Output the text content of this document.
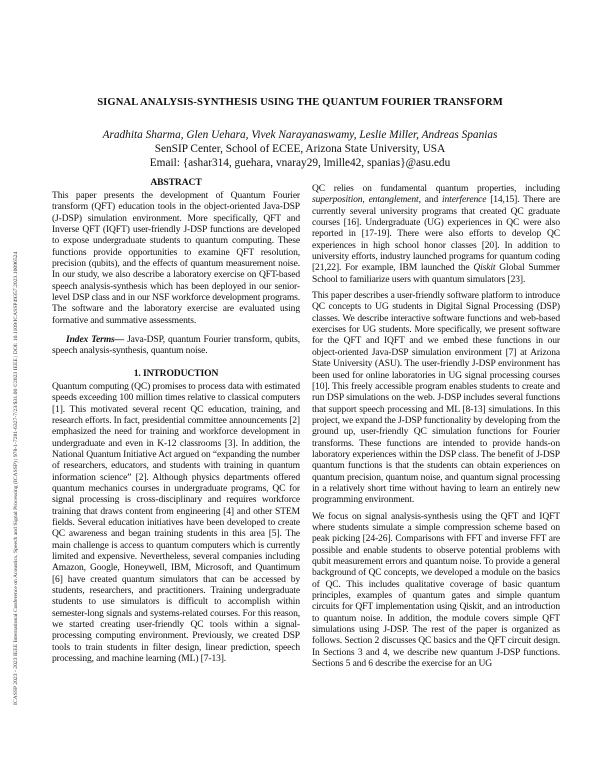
ICASSP 2023 - 2023 IEEE International Conference on Acoustics, Speech and Signal Processing (ICASSP) | 978-1-7281-6327-7/23/$31.00 ©2023 IEEE | DOI: 10.1109/ICASSP49357.2023.10096524
SIGNAL ANALYSIS-SYNTHESIS USING THE QUANTUM FOURIER TRANSFORM
Aradhita Sharma, Glen Uehara, Vivek Narayanaswamy, Leslie Miller, Andreas Spanias
SenSIP Center, School of ECEE, Arizona State University, USA
Email: {ashar314, guehara, vnaray29, lmille42, spanias}@asu.edu
ABSTRACT

This paper presents the development of Quantum Fourier transform (QFT) education tools in the object-oriented Java-DSP (J-DSP) simulation environment. More specifically, QFT and Inverse QFT (IQFT) user-friendly J-DSP functions are developed to expose undergraduate students to quantum computing. These functions provide opportunities to examine QFT resolution, precision (qubits), and the effects of quantum measurement noise. In our study, we also describe a laboratory exercise on QFT-based speech analysis-synthesis which has been deployed in our senior-level DSP class and in our NSF workforce development programs. The software and the laboratory exercise are evaluated using formative and summative assessments.

Index Terms— Java-DSP, quantum Fourier transform, qubits, speech analysis-synthesis, quantum noise.

1. INTRODUCTION

Quantum computing (QC) promises to process data with estimated speeds exceeding 100 million times relative to classical computers [1]. This motivated several recent QC education, training, and research efforts. In fact, presidential committee announcements [2] emphasized the need for training and workforce development in undergraduate and even in K-12 classrooms [3]. In addition, the National Quantum Initiative Act argued on “expanding the number of researchers, educators, and students with training in quantum information science” [2]. Although physics departments offered quantum mechanics courses in undergraduate programs, QC for signal processing is cross-disciplinary and requires workforce training that draws content from engineering [4] and other STEM fields. Several education initiatives have been developed to create QC awareness and began training students in this area [5]. The main challenge is access to quantum computers which is currently limited and expensive. Nevertheless, several companies including Amazon, Google, Honeywell, IBM, Microsoft, and Quantimum [6] have created quantum simulators that can be accessed by students, researchers, and practitioners. Training undergraduate students to use simulators is difficult to accomplish within semester-long signals and systems-related courses. For this reason, we started creating user-friendly QC tools within a signal-processing computing environment. Previously, we created DSP tools to train students in filter design, linear prediction, speech processing, and machine learning (ML) [7-13].

QC relies on fundamental quantum properties, including superposition, entanglement, and interference [14,15]. There are currently several university programs that created QC graduate courses [16]. Undergraduate (UG) experiences in QC were also reported in [17-19]. There were also efforts to develop QC experiences in high school honor classes [20]. In addition to university efforts, industry launched programs for quantum coding [21,22]. For example, IBM launched the Qiskit Global Summer School to familiarize users with quantum simulators [23].

This paper describes a user-friendly software platform to introduce QC concepts to UG students in Digital Signal Processing (DSP) classes. We describe interactive software functions and web-based exercises for UG students. More specifically, we present software for the QFT and IQFT and we embed these functions in our object-oriented Java-DSP simulation environment [7] at Arizona State University (ASU). The user-friendly J-DSP environment has been used for online laboratories in UG signal processing courses [10]. This freely accessible program enables students to create and run DSP simulations on the web. J-DSP includes several functions that support speech processing and ML [8-13] simulations. In this project, we expand the J-DSP functionality by developing from the ground up, user-friendly QC simulation functions for Fourier transforms. These functions are intended to provide hands-on laboratory experiences within the DSP class. The benefit of J-DSP quantum functions is that the students can obtain experiences on quantum precision, quantum noise, and quantum signal processing in a relatively short time without having to learn an entirely new programming environment.

We focus on signal analysis-synthesis using the QFT and IQFT where students simulate a simple compression scheme based on peak picking [24-26]. Comparisons with FFT and inverse FFT are possible and enable students to observe potential problems with qubit measurement errors and quantum noise. To provide a general background of QC concepts, we developed a module on the basics of QC. This includes qualitative coverage of basic quantum principles, examples of quantum gates and simple quantum circuits for QFT implementation using Qiskit, and an introduction to quantum noise. In addition, the module covers simple QFT simulations using J-DSP. The rest of the paper is organized as follows. Section 2 discusses QC basics and the QFT circuit design. In Sections 3 and 4, we describe new quantum J-DSP functions. Sections 5 and 6 describe the exercise for an UG
